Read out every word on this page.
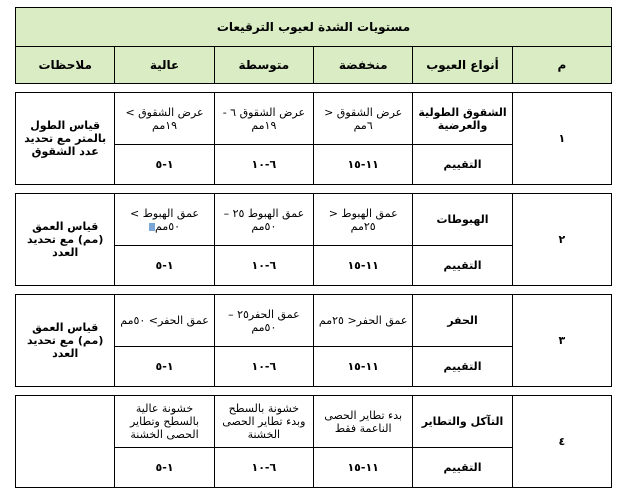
مستويات الشدة لعيوب الترقيعات					
م	أنواع العيوب	منخفضة	متوسطة	عالية	ملاحظات

١	الشقوق الطولية والعرضية	عرض الشقوق < ٦مم	عرض الشقوق ٦ - ١٩مم	عرض الشقوق > ١٩مم	قياس الطول بالمتر مع تحديد عدد الشقوق
	التقييم	١١-١٥	٦-١٠	١-٥	

٢	الهبوطات	عمق الهبوط < ٢٥مم	عمق الهبوط ٢٥ – ٥٠مم	عمق الهبوط > ٥٠مم	قياس العمق (مم) مع تحديد العدد
	التقييم	١١-١٥	٦-١٠	١-٥	

٣	الحفر	عمق الحفر< ٢٥مم	عمق الحفر٢٥ – ٥٠مم	عمق الحفر> ٥٠مم	قياس العمق (مم) مع تحديد العدد
	التقييم	١١-١٥	٦-١٠	١-٥	

٤	التآكل والتطاير	بدء تطاير الحصى الناعمة فقط	خشونة بالسطح وبدء تطاير الحصى الخشنة	خشونة عالية بالسطح وتطاير الحصى الخشنة	
	التقييم	١١-١٥	٦-١٠	١-٥	
